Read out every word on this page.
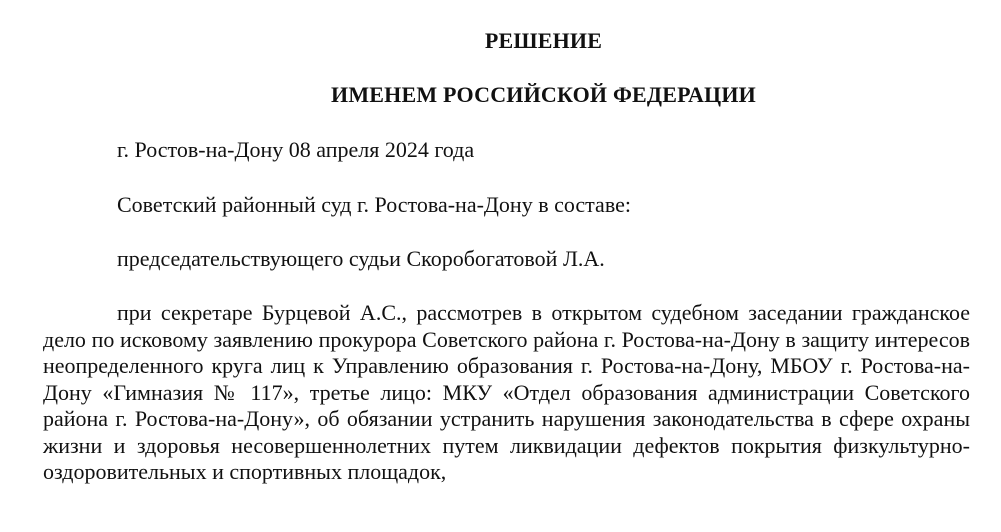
РЕШЕНИЕ

ИМЕНЕМ РОССИЙСКОЙ ФЕДЕРАЦИИ

г. Ростов-на-Дону 08 апреля 2024 года

Советский районный суд г. Ростова-на-Дону в составе:

председательствующего судьи Скоробогатовой Л.А.

при секретаре Бурцевой А.С., рассмотрев в открытом судебном заседании гражданское дело по исковому заявлению прокурора Советского района г. Ростова-на-Дону в защиту интересов неопределенного круга лиц к Управлению образования г. Ростова-на-Дону, МБОУ г. Ростова-на-Дону «Гимназия № 117», третье лицо: МКУ «Отдел образования администрации Советского района г. Ростова-на-Дону», об обязании устранить нарушения законодательства в сфере охраны жизни и здоровья несовершеннолетних путем ликвидации дефектов покрытия физкультурно-оздоровительных и спортивных площадок,
